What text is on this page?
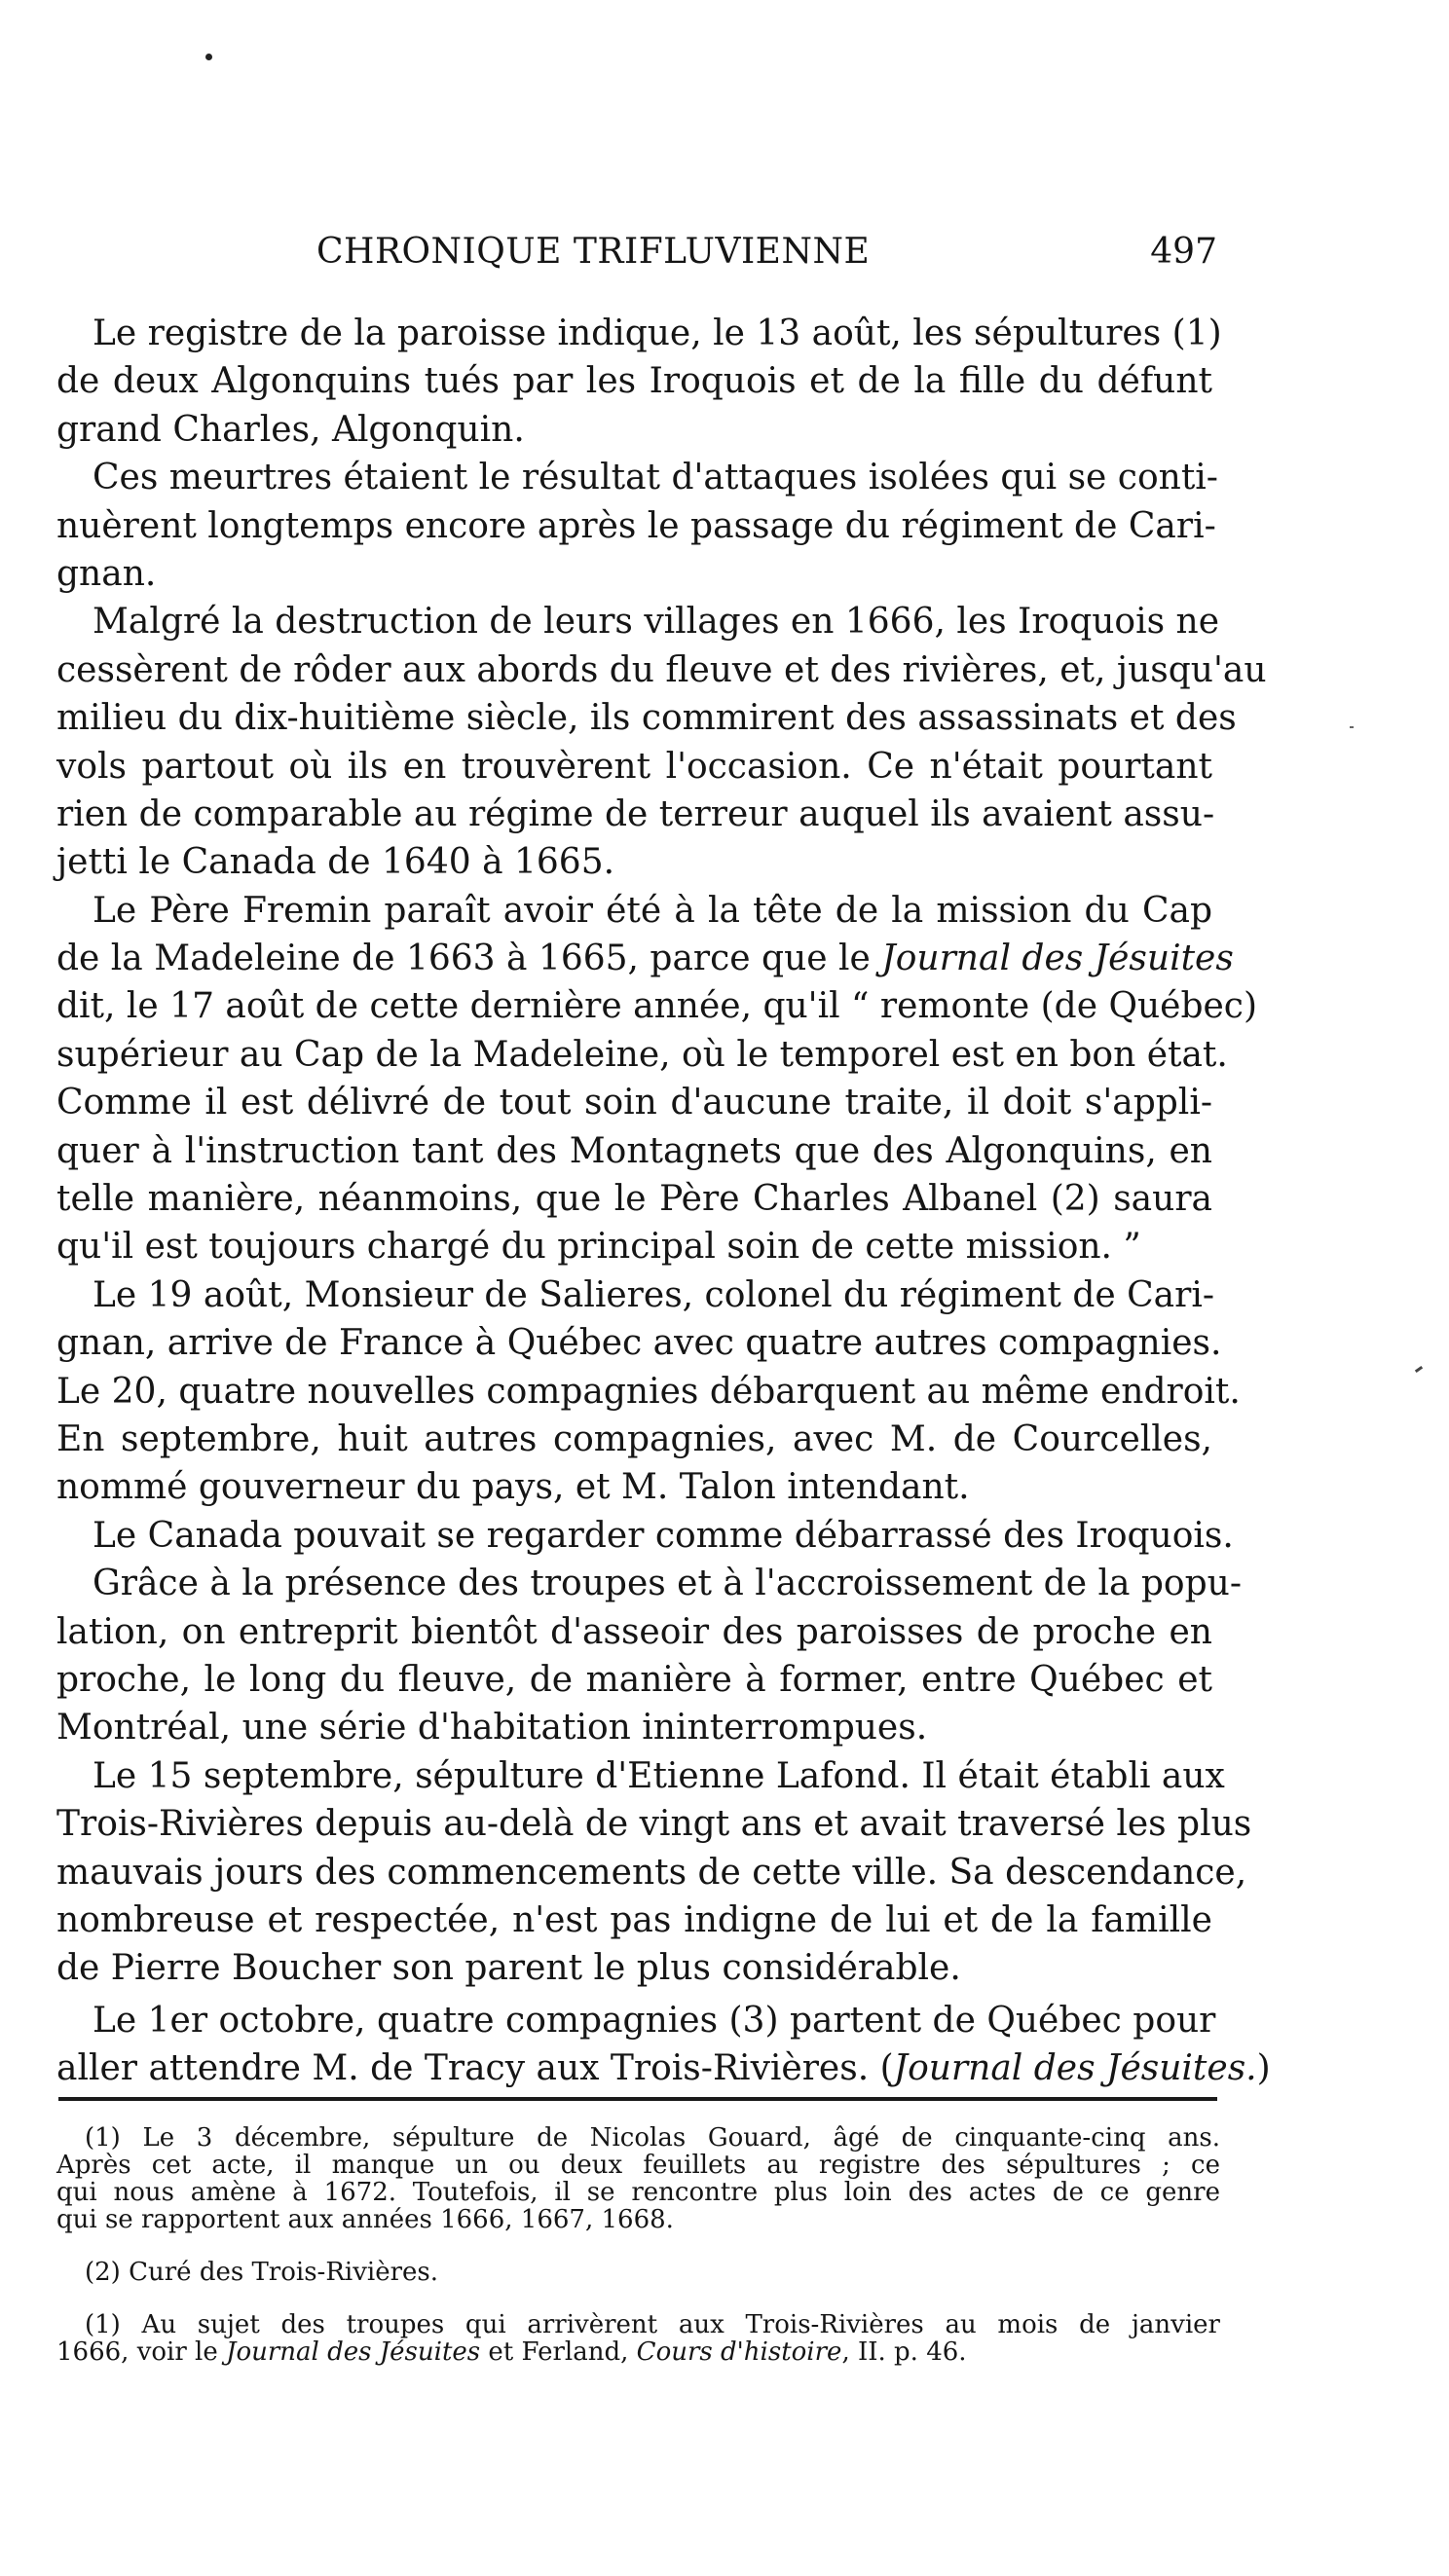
CHRONIQUE TRIFLUVIENNE	497
Le registre de la paroisse indique, le 13 août, les sépultures (1)
de deux Algonquins tués par les Iroquois et de la fille du défunt
grand Charles, Algonquin.
Ces meurtres étaient le résultat d'attaques isolées qui se conti-
nuèrent longtemps encore après le passage du régiment de Cari-
gnan.
Malgré la destruction de leurs villages en 1666, les Iroquois ne
cessèrent de rôder aux abords du fleuve et des rivières, et, jusqu'au
milieu du dix-huitième siècle, ils commirent des assassinats et des
vols partout où ils en trouvèrent l'occasion. Ce n'était pourtant
rien de comparable au régime de terreur auquel ils avaient assu-
jetti le Canada de 1640 à 1665.
Le Père Fremin paraît avoir été à la tête de la mission du Cap
de la Madeleine de 1663 à 1665, parce que le Journal des Jésuites
dit, le 17 août de cette dernière année, qu'il “ remonte (de Québec)
supérieur au Cap de la Madeleine, où le temporel est en bon état.
Comme il est délivré de tout soin d'aucune traite, il doit s'appli-
quer à l'instruction tant des Montagnets que des Algonquins, en
telle manière, néanmoins, que le Père Charles Albanel (2) saura
qu'il est toujours chargé du principal soin de cette mission. ”
Le 19 août, Monsieur de Salieres, colonel du régiment de Cari-
gnan, arrive de France à Québec avec quatre autres compagnies.
Le 20, quatre nouvelles compagnies débarquent au même endroit.
En septembre, huit autres compagnies, avec M. de Courcelles,
nommé gouverneur du pays, et M. Talon intendant.
Le Canada pouvait se regarder comme débarrassé des Iroquois.
Grâce à la présence des troupes et à l'accroissement de la popu-
lation, on entreprit bientôt d'asseoir des paroisses de proche en
proche, le long du fleuve, de manière à former, entre Québec et
Montréal, une série d'habitation ininterrompues.
Le 15 septembre, sépulture d'Etienne Lafond. Il était établi aux
Trois-Rivières depuis au-delà de vingt ans et avait traversé les plus
mauvais jours des commencements de cette ville. Sa descendance,
nombreuse et respectée, n'est pas indigne de lui et de la famille
de Pierre Boucher son parent le plus considérable.
Le 1er octobre, quatre compagnies (3) partent de Québec pour
aller attendre M. de Tracy aux Trois-Rivières. (Journal des Jésuites.)
(1) Le 3 décembre, sépulture de Nicolas Gouard, âgé de cinquante-cinq ans.
Après cet acte, il manque un ou deux feuillets au registre des sépultures ; ce
qui nous amène à 1672. Toutefois, il se rencontre plus loin des actes de ce genre
qui se rapportent aux années 1666, 1667, 1668.
(2) Curé des Trois-Rivières.
(1) Au sujet des troupes qui arrivèrent aux Trois-Rivières au mois de janvier
1666, voir le Journal des Jésuites et Ferland, Cours d'histoire, II. p. 46.
